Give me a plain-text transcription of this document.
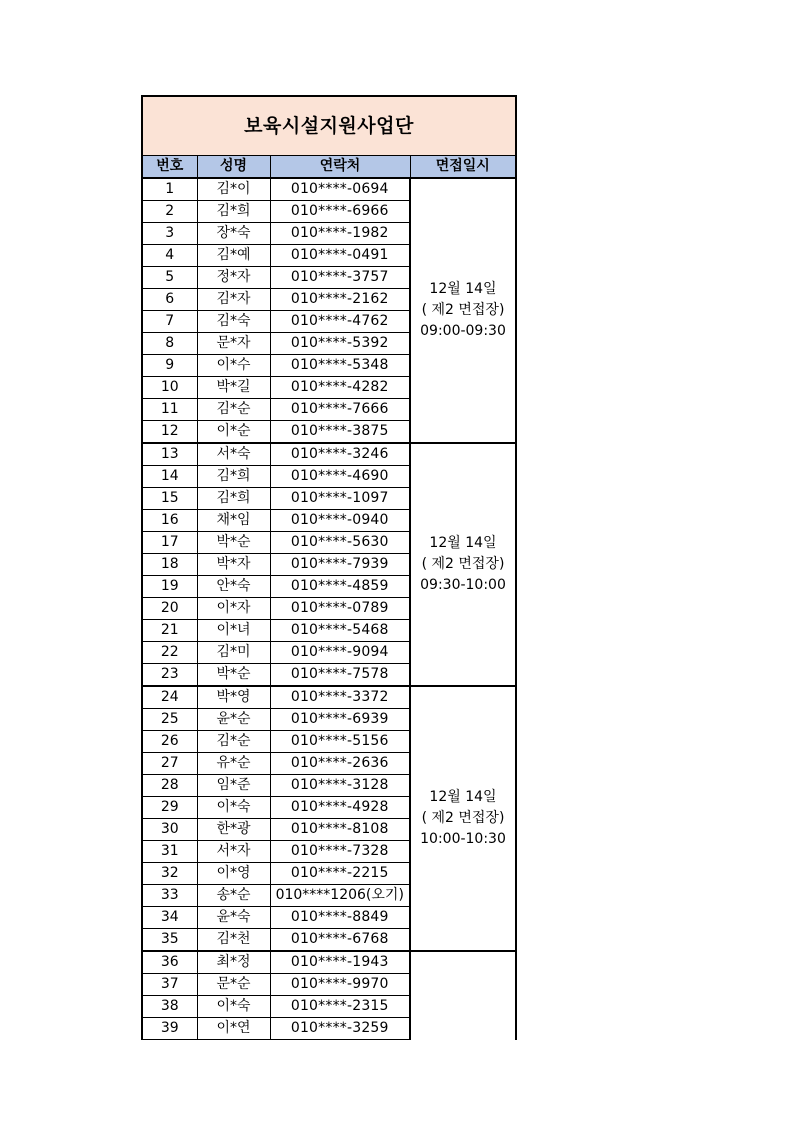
보육시설지원사업단			
번호	성명	연락처	면접일시
1	김*이	010****-0694	12월 14일
( 제2 면접장)
09:00-09:30

2	김*희	010****-6966	
3	장*숙	010****-1982	
4	김*예	010****-0491	
5	정*자	010****-3757	
6	김*자	010****-2162	
7	김*숙	010****-4762	
8	문*자	010****-5392	
9	이*수	010****-5348	
10	박*길	010****-4282	
11	김*순	010****-7666	
12	이*순	010****-3875	
13	서*숙	010****-3246	12월 14일
( 제2 면접장)
09:30-10:00

14	김*희	010****-4690	
15	김*희	010****-1097	
16	채*임	010****-0940	
17	박*순	010****-5630	
18	박*자	010****-7939	
19	안*숙	010****-4859	
20	이*자	010****-0789	
21	이*녀	010****-5468	
22	김*미	010****-9094	
23	박*순	010****-7578	
24	박*영	010****-3372	12월 14일
( 제2 면접장)
10:00-10:30

25	윤*순	010****-6939	
26	김*순	010****-5156	
27	유*순	010****-2636	
28	임*준	010****-3128	
29	이*숙	010****-4928	
30	한*광	010****-8108	
31	서*자	010****-7328	
32	이*영	010****-2215	
33	송*순	010****1206(오기)	
34	윤*숙	010****-8849	
35	김*천	010****-6768	
36	최*정	010****-1943	
37	문*순	010****-9970	
38	이*숙	010****-2315	
39	이*연	010****-3259	
